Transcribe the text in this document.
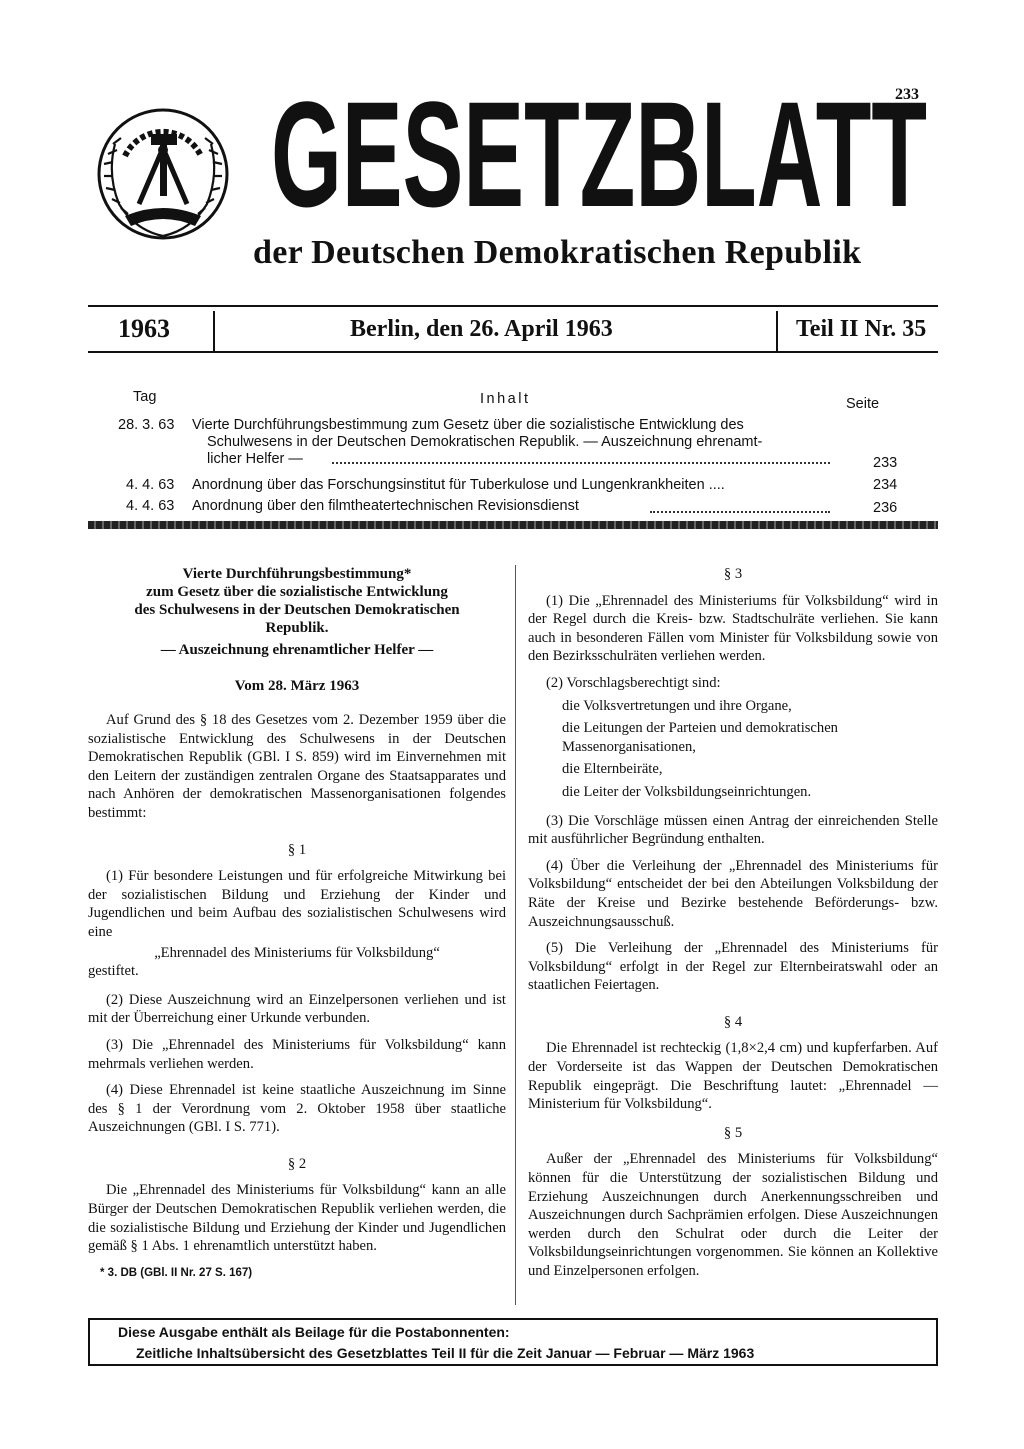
233
GESETZBLATT
der Deutschen Demokratischen Republik
1963	Berlin, den 26. April 1963	Teil II Nr. 35
Tag	Inhalt	Seite
28. 3. 63 Vierte Durchführungsbestimmung zum Gesetz über die sozialistische Entwicklung des
Schulwesens in der Deutschen Demokratischen Republik. — Auszeichnung ehrenamt-
licher Helfer —	233
4. 4. 63 Anordnung über das Forschungsinstitut für Tuberkulose und Lungenkrankheiten ....	234
4. 4. 63 Anordnung über den filmtheatertechnischen Revisionsdienst	236
Vierte Durchführungsbestimmung*
zum Gesetz über die sozialistische Entwicklung
des Schulwesens in der Deutschen Demokratischen
Republik.
— Auszeichnung ehrenamtlicher Helfer —
Vom 28. März 1963

Auf Grund des § 18 des Gesetzes vom 2. Dezember 1959 über die sozialistische Entwicklung des Schulwesens in der Deutschen Demokratischen Republik (GBl. I S. 859) wird im Einvernehmen mit den Leitern der zuständigen zentralen Organe des Staatsapparates und nach Anhören der demokratischen Massenorganisationen folgendes bestimmt:

§ 1

(1) Für besondere Leistungen und für erfolgreiche Mitwirkung bei der sozialistischen Bildung und Erziehung der Kinder und Jugendlichen und beim Aufbau des sozialistischen Schulwesens wird eine

„Ehrennadel des Ministeriums für Volksbildung“

gestiftet.

(2) Diese Auszeichnung wird an Einzelpersonen verliehen und ist mit der Überreichung einer Urkunde verbunden.

(3) Die „Ehrennadel des Ministeriums für Volksbildung“ kann mehrmals verliehen werden.

(4) Diese Ehrennadel ist keine staatliche Auszeichnung im Sinne des § 1 der Verordnung vom 2. Oktober 1958 über staatliche Auszeichnungen (GBl. I S. 771).

§ 2

Die „Ehrennadel des Ministeriums für Volksbildung“ kann an alle Bürger der Deutschen Demokratischen Republik verliehen werden, die die sozialistische Bildung und Erziehung der Kinder und Jugendlichen gemäß § 1 Abs. 1 ehrenamtlich unterstützt haben.

* 3. DB (GBl. II Nr. 27 S. 167)
§ 3

(1) Die „Ehrennadel des Ministeriums für Volksbildung“ wird in der Regel durch die Kreis- bzw. Stadtschulräte verliehen. Sie kann auch in besonderen Fällen vom Minister für Volksbildung sowie von den Bezirksschulräten verliehen werden.

(2) Vorschlagsberechtigt sind:

die Volksvertretungen und ihre Organe,
die Leitungen der Parteien und demokratischen Massenorganisationen,
die Elternbeiräte,
die Leiter der Volksbildungseinrichtungen.

(3) Die Vorschläge müssen einen Antrag der einreichenden Stelle mit ausführlicher Begründung enthalten.

(4) Über die Verleihung der „Ehrennadel des Ministeriums für Volksbildung“ entscheidet der bei den Abteilungen Volksbildung der Räte der Kreise und Bezirke bestehende Beförderungs- bzw. Auszeichnungsausschuß.

(5) Die Verleihung der „Ehrennadel des Ministeriums für Volksbildung“ erfolgt in der Regel zur Elternbeiratswahl oder an staatlichen Feiertagen.

§ 4

Die Ehrennadel ist rechteckig (1,8×2,4 cm) und kupferfarben. Auf der Vorderseite ist das Wappen der Deutschen Demokratischen Republik eingeprägt. Die Beschriftung lautet: „Ehrennadel — Ministerium für Volksbildung“.

§ 5

Außer der „Ehrennadel des Ministeriums für Volksbildung“ können für die Unterstützung der sozialistischen Bildung und Erziehung Auszeichnungen durch Anerkennungsschreiben und Auszeichnungen durch Sachprämien erfolgen. Diese Auszeichnungen werden durch den Schulrat oder durch die Leiter der Volksbildungseinrichtungen vorgenommen. Sie können an Kollektive und Einzelpersonen erfolgen.

Diese Ausgabe enthält als Beilage für die Postabonnenten:
Zeitliche Inhaltsübersicht des Gesetzblattes Teil II für die Zeit Januar — Februar — März 1963
